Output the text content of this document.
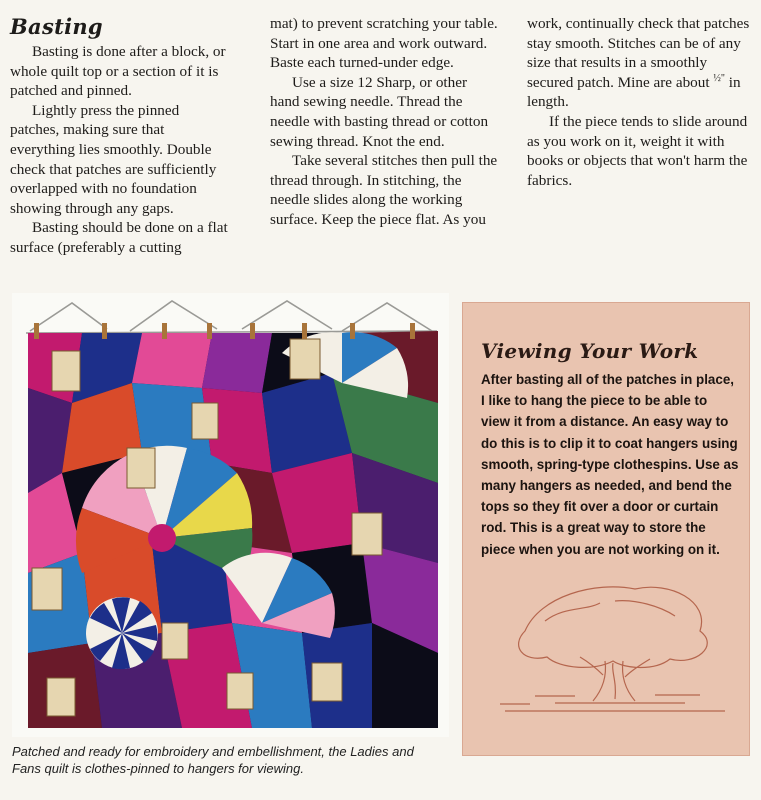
Basting

Basting is done after a block, or whole quilt top or a section of it is patched and pinned.

Lightly press the pinned patches, making sure that everything lies smoothly. Double check that patches are sufficiently overlapped with no foundation showing through any gaps.

Basting should be done on a flat surface (preferably a cutting

mat) to prevent scratching your table. Start in one area and work outward. Baste each turned-under edge.

Use a size 12 Sharp, or other hand sewing needle. Thread the needle with basting thread or cotton sewing thread. Knot the end.

Take several stitches then pull the thread through. In stitching, the needle slides along the working surface. Keep the piece flat. As you

work, continually check that patches stay smooth. Stitches can be of any size that results in a smoothly secured patch. Mine are about $^{\frac{1}{2}"}$ in length.

If the piece tends to slide around as you work on it, weight it with books or objects that won't harm the fabrics.

Patched and ready for embroidery and embellishment, the Ladies and
Fans quilt is clothes-pinned to hangers for viewing.
Viewing Your Work
After basting all of the patches in place,
I like to hang the piece to be able to
view it from a distance. An easy way to
do this is to clip it to coat hangers using
smooth, spring-type clothespins. Use as
many hangers as needed, and bend the
tops so they fit over a door or curtain
rod. This is a great way to store the
piece when you are not working on it.
